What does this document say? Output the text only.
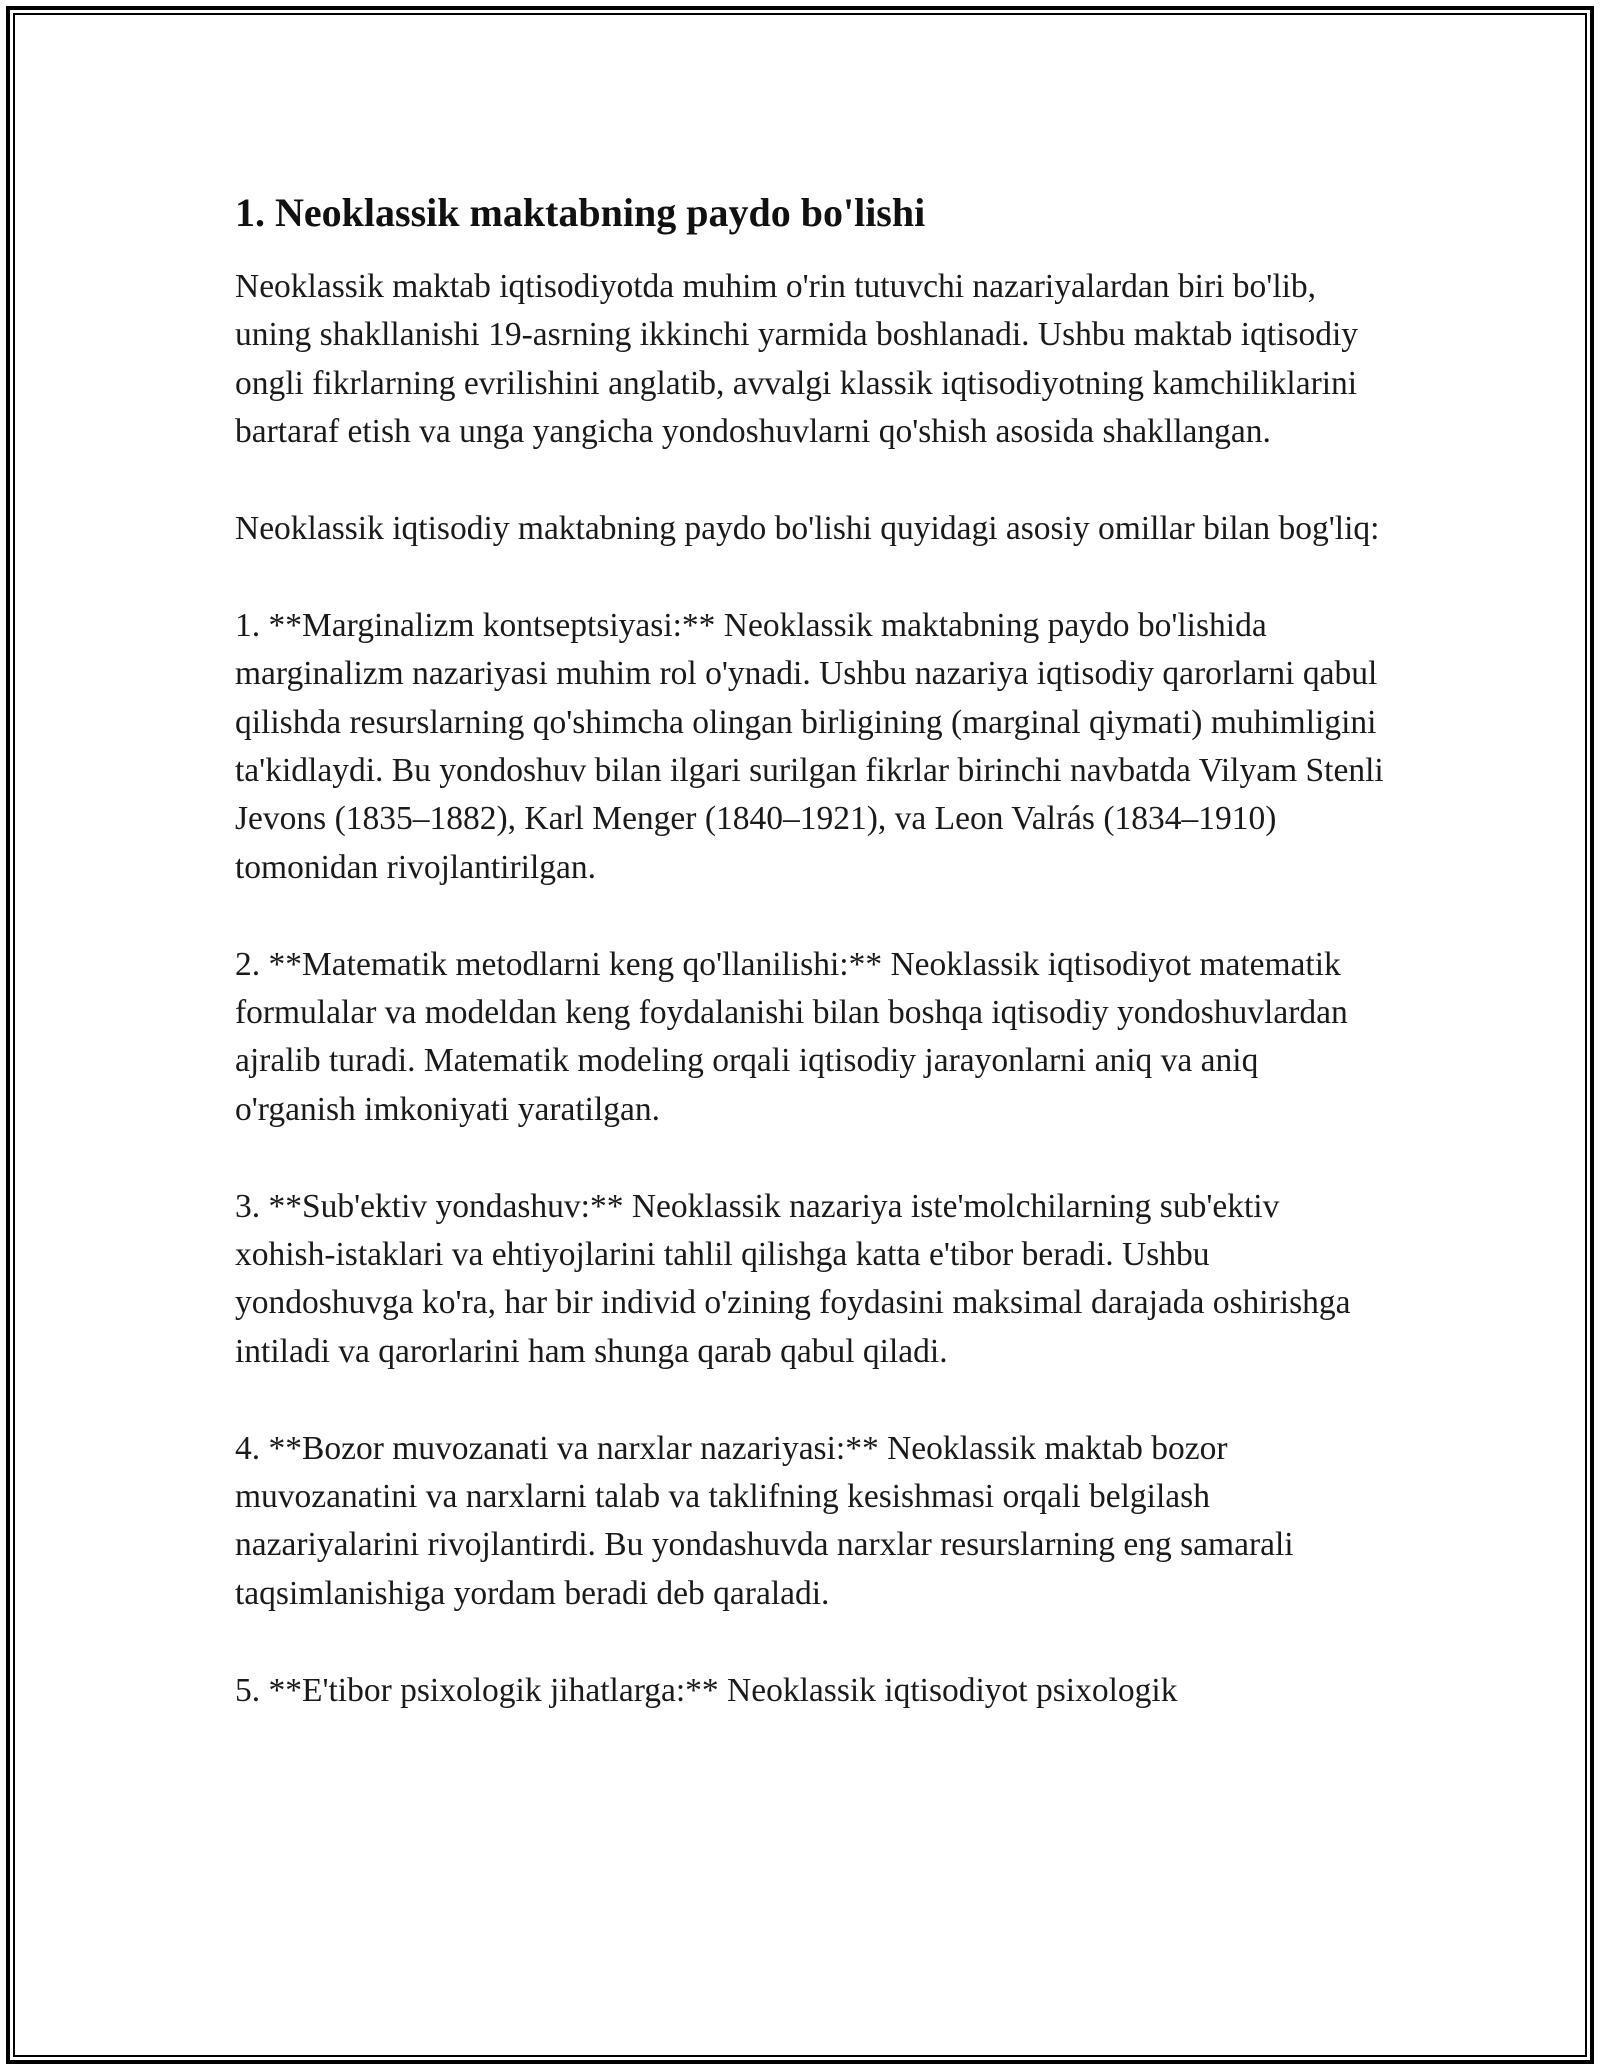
1. Neoklassik maktabning paydo bo'lishi

Neoklassik maktab iqtisodiyotda muhim o'rin tutuvchi nazariyalardan biri bo'lib, uning shakllanishi 19-asrning ikkinchi yarmida boshlanadi. Ushbu maktab iqtisodiy ongli fikrlarning evrilishini anglatib, avvalgi klassik iqtisodiyotning kamchiliklarini bartaraf etish va unga yangicha yondoshuvlarni qo'shish asosida shakllangan.

Neoklassik iqtisodiy maktabning paydo bo'lishi quyidagi asosiy omillar bilan bog'liq:

1. **Marginalizm kontseptsiyasi:** Neoklassik maktabning paydo bo'lishida marginalizm nazariyasi muhim rol o'ynadi. Ushbu nazariya iqtisodiy qarorlarni qabul qilishda resurslarning qo'shimcha olingan birligining (marginal qiymati) muhimligini ta'kidlaydi. Bu yondoshuv bilan ilgari surilgan fikrlar birinchi navbatda Vilyam Stenli Jevons (1835–1882), Karl Menger (1840–1921), va Leon Valrás (1834–1910) tomonidan rivojlantirilgan.

2. **Matematik metodlarni keng qo'llanilishi:** Neoklassik iqtisodiyot matematik formulalar va modeldan keng foydalanishi bilan boshqa iqtisodiy yondoshuvlardan ajralib turadi. Matematik modeling orqali iqtisodiy jarayonlarni aniq va aniq o'rganish imkoniyati yaratilgan.

3. **Sub'ektiv yondashuv:** Neoklassik nazariya iste'molchilarning sub'ektiv xohish-istaklari va ehtiyojlarini tahlil qilishga katta e'tibor beradi. Ushbu yondoshuvga ko'ra, har bir individ o'zining foydasini maksimal darajada oshirishga intiladi va qarorlarini ham shunga qarab qabul qiladi.

4. **Bozor muvozanati va narxlar nazariyasi:** Neoklassik maktab bozor muvozanatini va narxlarni talab va taklifning kesishmasi orqali belgilash nazariyalarini rivojlantirdi. Bu yondashuvda narxlar resurslarning eng samarali taqsimlanishiga yordam beradi deb qaraladi.

5. **E'tibor psixologik jihatlarga:** Neoklassik iqtisodiyot psixologik
